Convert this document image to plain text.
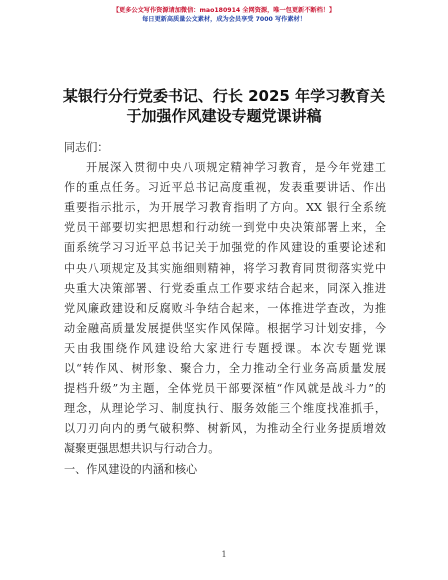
【更多公文写作资源请加微信：mao180914 全网资源，唯一包更新不断档！】
每日更新高质量公文素材，成为会员享受 7000 写作素材！
某银行分行党委书记、行长 2025 年学习教育关
于加强作风建设专题党课讲稿

同志们：

开展深入贯彻中央八项规定精神学习教育，是今年党建工
作的重点任务。习近平总书记高度重视，发表重要讲话、作出
重要指示批示，为开展学习教育指明了方向。XX 银行全系统
党员干部要切实把思想和行动统一到党中央决策部署上来，全
面系统学习习近平总书记关于加强党的作风建设的重要论述和
中央八项规定及其实施细则精神，将学习教育同贯彻落实党中
央重大决策部署、行党委重点工作要求结合起来，同深入推进
党风廉政建设和反腐败斗争结合起来，一体推进学查改，为推
动金融高质量发展提供坚实作风保障。根据学习计划安排，今
天由我围绕作风建设给大家进行专题授课。本次专题党课
以“转作风、树形象、聚合力，全力推动全行业务高质量发展
提档升级”为主题，全体党员干部要深植“作风就是战斗力”的
理念，从理论学习、制度执行、服务效能三个维度找准抓手，
以刀刃向内的勇气破积弊、树新风，为推动全行业务提质增效
凝聚更强思想共识与行动合力。

一、作风建设的内涵和核心

1
